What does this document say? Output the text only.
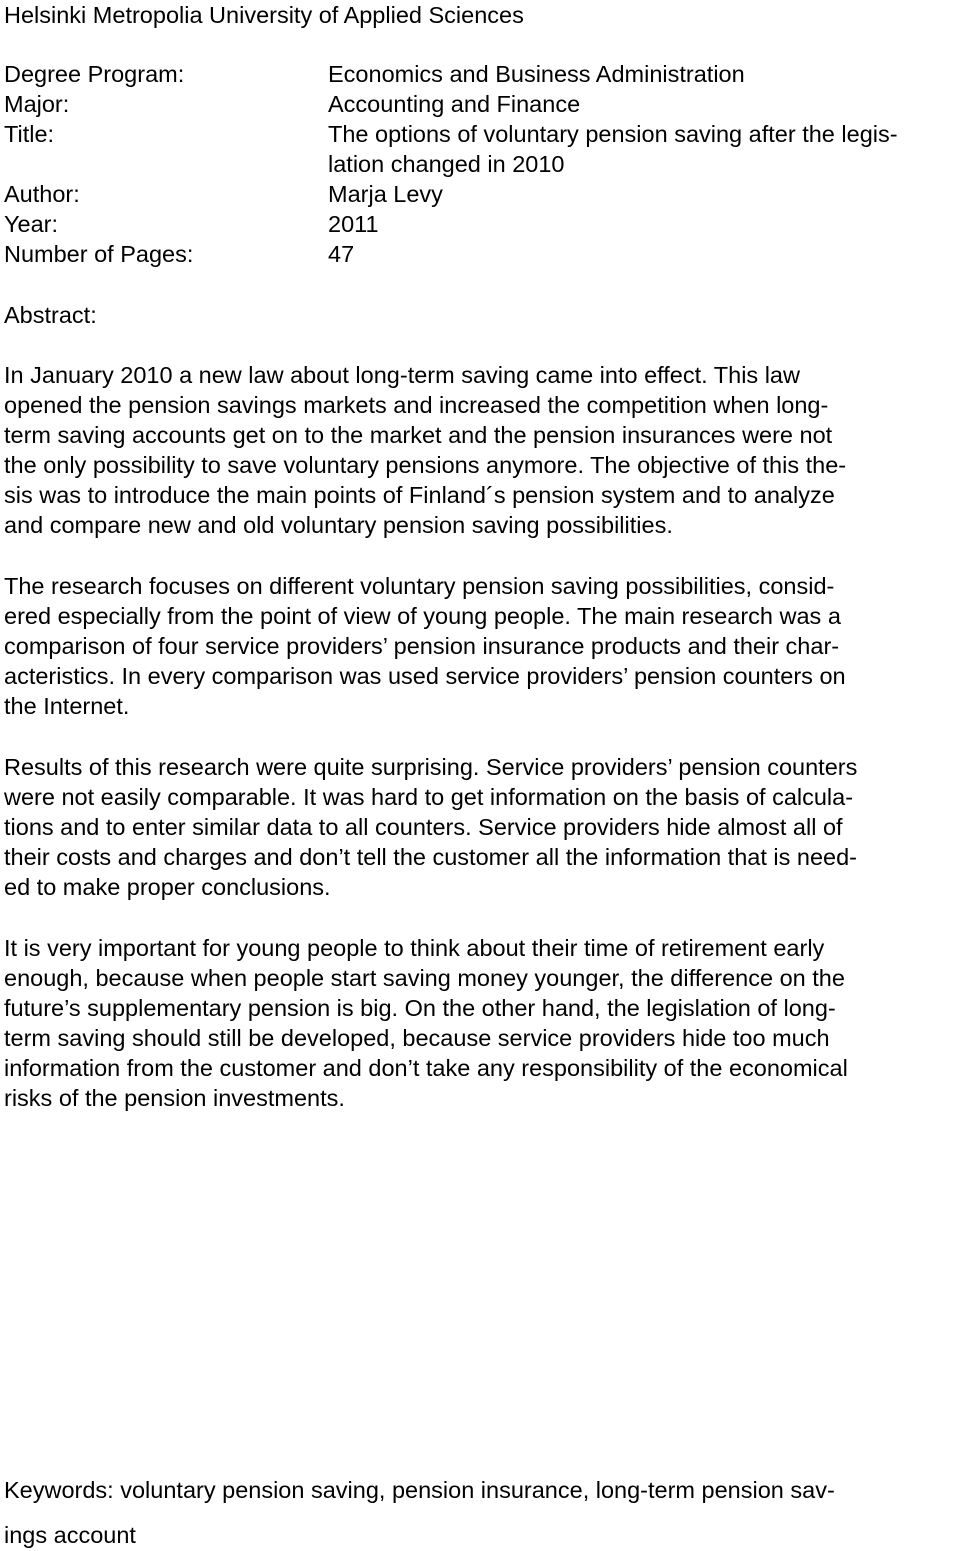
Helsinki Metropolia University of Applied Sciences
Degree Program:	Economics and Business Administration
Major:	Accounting and Finance
Title:	The options of voluntary pension saving after the legis-
lation changed in 2010
Author:	Marja Levy
Year:	2011
Number of Pages:	47
Abstract:
In January 2010 a new law about long-term saving came into effect. This law
opened the pension savings markets and increased the competition when long-
term saving accounts get on to the market and the pension insurances were not
the only possibility to save voluntary pensions anymore. The objective of this the-
sis was to introduce the main points of Finland´s pension system and to analyze
and compare new and old voluntary pension saving possibilities.
The research focuses on different voluntary pension saving possibilities, consid-
ered especially from the point of view of young people. The main research was a
comparison of four service providers’ pension insurance products and their char-
acteristics. In every comparison was used service providers’ pension counters on
the Internet.
Results of this research were quite surprising. Service providers’ pension counters
were not easily comparable. It was hard to get information on the basis of calcula-
tions and to enter similar data to all counters. Service providers hide almost all of
their costs and charges and don’t tell the customer all the information that is need-
ed to make proper conclusions.
It is very important for young people to think about their time of retirement early
enough, because when people start saving money younger, the difference on the
future’s supplementary pension is big. On the other hand, the legislation of long-
term saving should still be developed, because service providers hide too much
information from the customer and don’t take any responsibility of the economical
risks of the pension investments.
Keywords: voluntary pension saving, pension insurance, long-term pension sav-
ings account
